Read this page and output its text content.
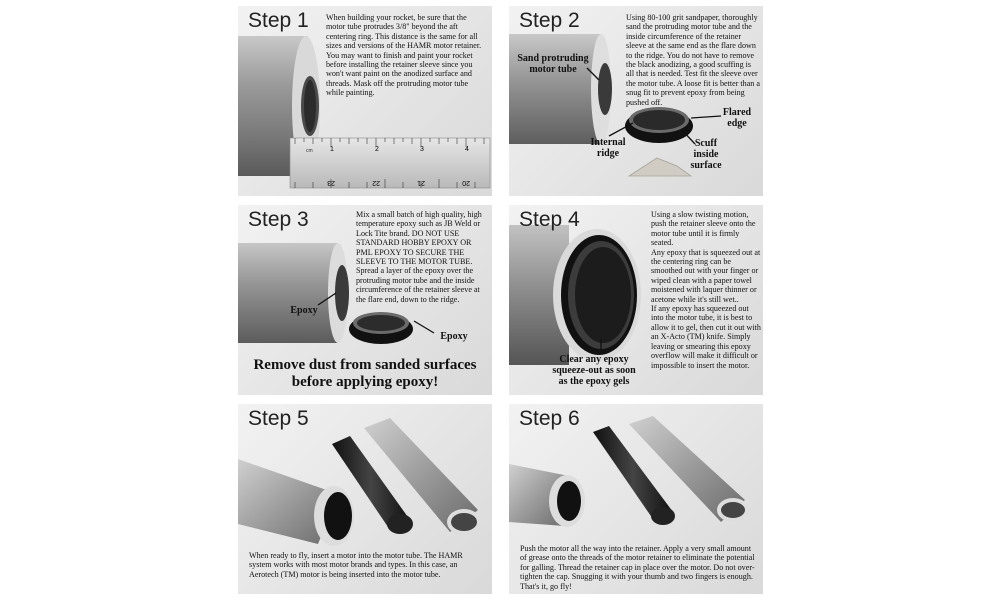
Step 1 When building your rocket, be sure that the motor tube protrudes 3/8" beyond the aft centering ring. This distance is the same for all sizes and versions of the HAMR motor retainer.
You may want to finish and paint your rocket before installing the retainer sleeve since you won't want paint on the anodized surface and threads. Mask off the protruding motor tube while painting.
cm 1	2	3	4
20
21
22
23
Step 2	Using 80-100 grit sandpaper, thoroughly sand the protruding motor tube and the inside circumference of the retainer sleeve at the same end as the flare down to the ridge. You do not have to remove the black anodizing, a good scuffing is all that is needed. Test fit the sleeve over the motor tube. A loose fit is better than a snug fit to prevent epoxy from being pushed off.
Sand protruding
motor tube
Flared
edge
Internal
ridge
Scuff
inside
surface
Step 3	Mix a small batch of high quality, high temperature epoxy such as JB Weld or Lock Tite brand. DO NOT USE STANDARD HOBBY EPOXY OR PML EPOXY TO SECURE THE SLEEVE TO THE MOTOR TUBE.
Spread a layer of the epoxy over the protruding motor tube and the inside circumference of the retainer sleeve at the flare end, down to the ridge.
Epoxy
Epoxy
Remove dust from sanded surfaces
before applying epoxy!
Step 4	Using a slow twisting motion, push the retainer sleeve onto the motor tube until it is firmly seated.
Any epoxy that is squeezed out at the centering ring can be smoothed out with your finger or wiped clean with a paper towel moistened with laquer thinner or acetone while it's still wet..
If any epoxy has squeezed out into the motor tube, it is best to allow it to gel, then cut it out with an X-Acto (TM) knife. Simply leaving or smearing this epoxy overflow will make it difficult or impossible to insert the motor.
Clear any epoxy
squeeze-out as soon
as the epoxy gels
Step 5
When ready to fly, insert a motor into the motor tube. The HAMR system works with most motor brands and types. In this case, an Aerotech (TM) motor is being inserted into the motor tube.
Step 6
Push the motor all the way into the retainer. Apply a very small amount of grease onto the threads of the motor retainer to eliminate the potential for galling. Thread the retainer cap in place over the motor. Do not over-tighten the cap. Snugging it with your thumb and two fingers is enough. That's it, go fly!
